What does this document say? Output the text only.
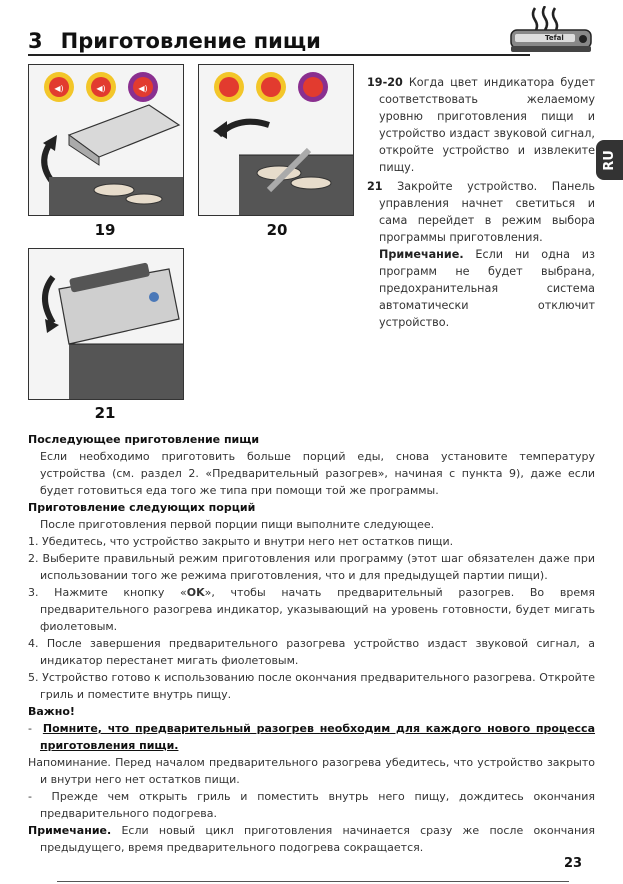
3 Приготовление пищи	Tefal
◀)	◀)	◀)
19	20
21

19-20 Когда цвет индикатора будет соответствовать желаемому уровню приготовления пищи и устройство издаст звуковой сигнал, откройте устройство и извлеките пищу.

21 Закройте устройство. Панель управления начнет светиться и сама перейдет в режим выбора программы приготовления.

Примечание. Если ни одна из программ не будет выбрана, предохранительная система автоматически отключит устройство.

RU

Последующее приготовление пищи

Если необходимо приготовить больше порций еды, снова установите температуру устройства (см. раздел 2. «Предварительный разогрев», начиная с пункта 9), даже если будет готовиться еда того же типа при помощи той же программы.

Приготовление следующих порций

После приготовления первой порции пищи выполните следующее.

1. Убедитесь, что устройство закрыто и внутри него нет остатков пищи.

2. Выберите правильный режим приготовления или программу (этот шаг обязателен даже при использовании того же режима приготовления, что и для предыдущей партии пищи).

3. Нажмите кнопку «OK», чтобы начать предварительный разогрев. Во время предварительного разогрева индикатор, указывающий на уровень готовности, будет мигать фиолетовым.

4. После завершения предварительного разогрева устройство издаст звуковой сигнал, а индикатор перестанет мигать фиолетовым.

5. Устройство готово к использованию после окончания предварительного разогрева. Откройте гриль и поместите внутрь пищу.

Важно!

- Помните, что предварительный разогрев необходим для каждого нового процесса приготовления пищи.

Напоминание. Перед началом предварительного разогрева убедитесь, что устройство закрыто и внутри него нет остатков пищи.

- Прежде чем открыть гриль и поместить внутрь него пищу, дождитесь окончания предварительного подогрева.

Примечание. Если новый цикл приготовления начинается сразу же после окончания предыдущего, время предварительного подогрева сокращается.

23
